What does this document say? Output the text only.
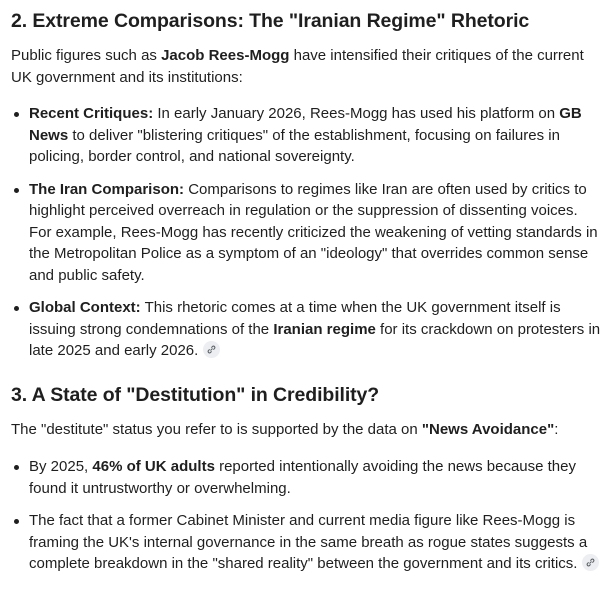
2. Extreme Comparisons: The "Iranian Regime" Rhetoric

Public figures such as Jacob Rees-Mogg have intensified their critiques of the current UK government and its institutions:

Recent Critiques: In early January 2026, Rees-Mogg has used his platform on GB News to deliver "blistering critiques" of the establishment, focusing on failures in policing, border control, and national sovereignty.
The Iran Comparison: Comparisons to regimes like Iran are often used by critics to highlight perceived overreach in regulation or the suppression of dissenting voices. For example, Rees-Mogg has recently criticized the weakening of vetting standards in the Metropolitan Police as a symptom of an "ideology" that overrides common sense and public safety.
Global Context: This rhetoric comes at a time when the UK government itself is issuing strong condemnations of the Iranian regime for its crackdown on protesters in late 2025 and early 2026.
3. A State of "Destitution" in Credibility?

The "destitute" status you refer to is supported by the data on "News Avoidance":

By 2025, 46% of UK adults reported intentionally avoiding the news because they found it untrustworthy or overwhelming.
The fact that a former Cabinet Minister and current media figure like Rees-Mogg is framing the UK's internal governance in the same breath as rogue states suggests a complete breakdown in the "shared reality" between the government and its critics.
